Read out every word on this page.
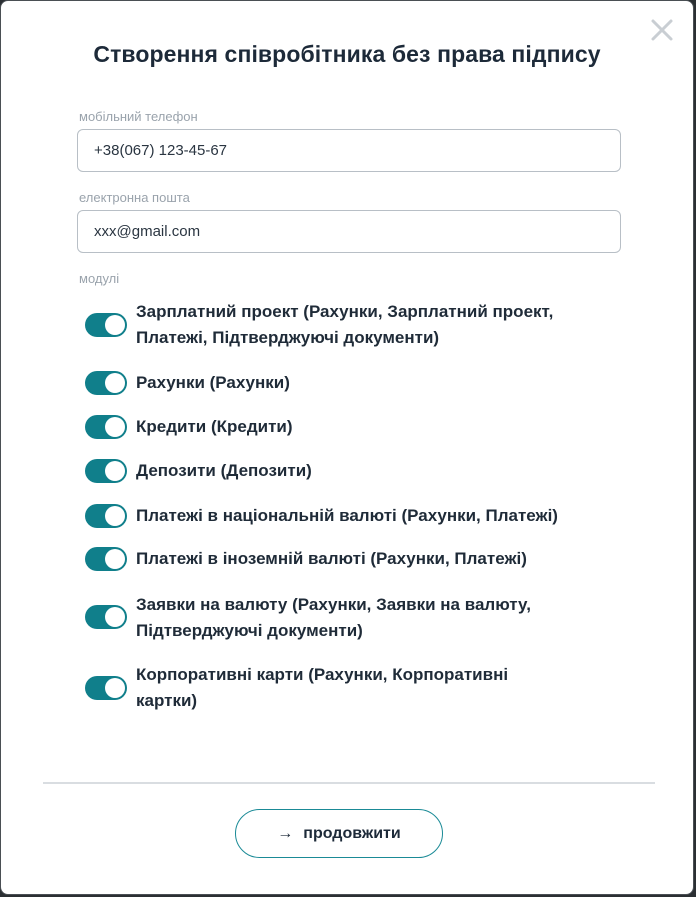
Створення співробітника без права підпису
мобільний телефон
+38(067) 123-45-67
електронна пошта
xxx@gmail.com
модулі
Зарплатний проект (Рахунки, Зарплатний проект,
Платежі, Підтверджуючі документи)
Рахунки (Рахунки)
Кредити (Кредити)
Депозити (Депозити)
Платежі в національній валюті (Рахунки, Платежі)
Платежі в іноземній валюті (Рахунки, Платежі)
Заявки на валюту (Рахунки, Заявки на валюту,
Підтверджуючі документи)
Корпоративні карти (Рахунки, Корпоративні
картки)
→ продовжити
